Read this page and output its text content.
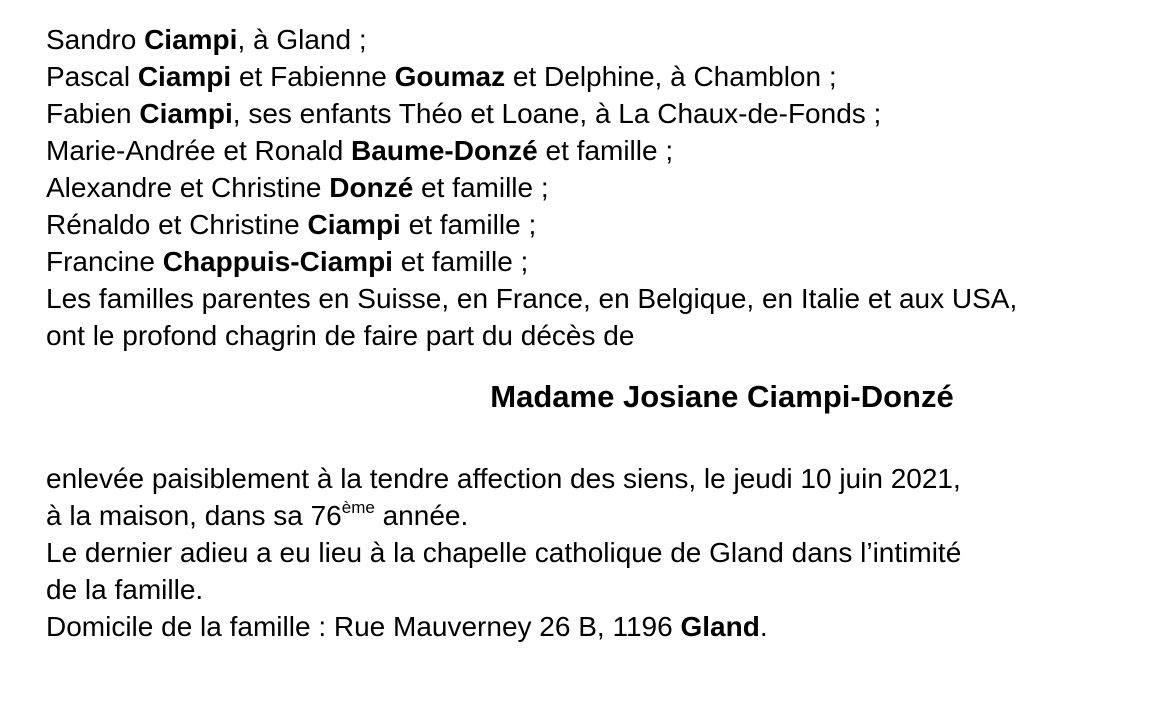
Sandro Ciampi, à Gland ;
Pascal Ciampi et Fabienne Goumaz et Delphine, à Chamblon ;
Fabien Ciampi, ses enfants Théo et Loane, à La Chaux-de-Fonds ;
Marie-Andrée et Ronald Baume-Donzé et famille ;
Alexandre et Christine Donzé et famille ;
Rénaldo et Christine Ciampi et famille ;
Francine Chappuis-Ciampi et famille ;
Les familles parentes en Suisse, en France, en Belgique, en Italie et aux USA,
ont le profond chagrin de faire part du décès de
Madame Josiane Ciampi-Donzé
enlevée paisiblement à la tendre affection des siens, le jeudi 10 juin 2021,
à la maison, dans sa 76ème année.
Le dernier adieu a eu lieu à la chapelle catholique de Gland dans l’intimité
de la famille.
Domicile de la famille : Rue Mauverney 26 B, 1196 Gland.
